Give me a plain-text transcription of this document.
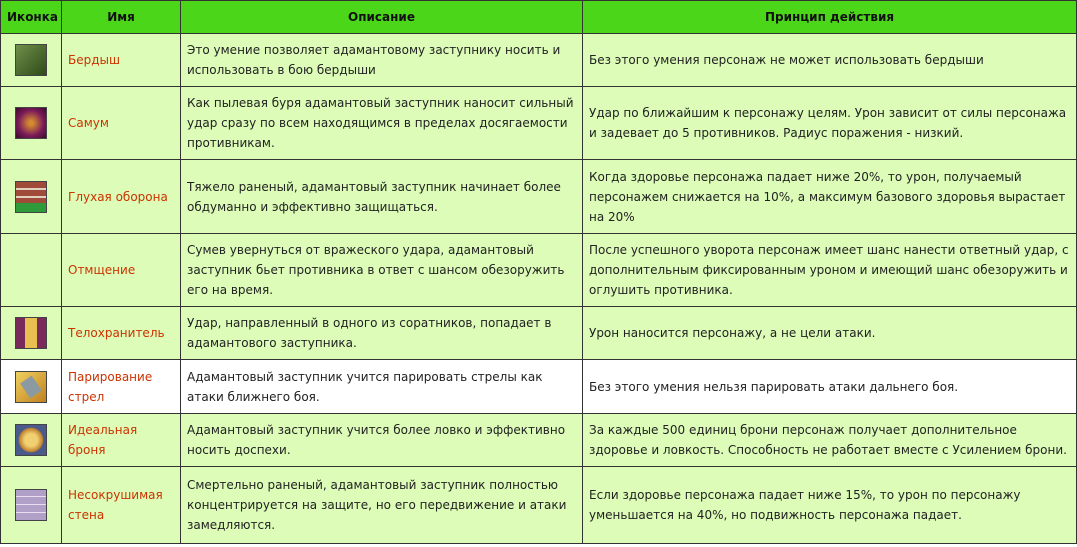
Иконка	Имя	Описание	Принцип действия
	Бердыш	Это умение позволяет адамантовому заступнику носить и использовать в бою бердыши	Без этого умения персонаж не может использовать бердыши
	Самум	Как пылевая буря адамантовый заступник наносит сильный удар сразу по всем находящимся в пределах досягаемости противникам.	Удар по ближайшим к персонажу целям. Урон зависит от силы персонажа и задевает до 5 противников. Радиус поражения - низкий.
	Глухая оборона	Тяжело раненый, адамантовый заступник начинает более обдуманно и эффективно защищаться.	Когда здоровье персонажа падает ниже 20%, то урон, получаемый персонажем снижается на 10%, а максимум базового здоровья вырастает на 20%
	Отмщение	Сумев увернуться от вражеского удара, адамантовый заступник бьет противника в ответ с шансом обезоружить его на время.	После успешного уворота персонаж имеет шанс нанести ответный удар, с дополнительным фиксированным уроном и имеющий шанс обезоружить и оглушить противника.
	Телохранитель	Удар, направленный в одного из соратников, попадает в адамантового заступника.	Урон наносится персонажу, а не цели атаки.
	Парирование стрел	Адамантовый заступник учится парировать стрелы как атаки ближнего боя.	Без этого умения нельзя парировать атаки дальнего боя.
	Идеальная броня	Адамантовый заступник учится более ловко и эффективно носить доспехи.	За каждые 500 единиц брони персонаж получает дополнительное здоровье и ловкость. Способность не работает вместе с Усилением брони.
	Несокрушимая стена	Смертельно раненый, адамантовый заступник полностью концентрируется на защите, но его передвижение и атаки замедляются.	Если здоровье персонажа падает ниже 15%, то урон по персонажу уменьшается на 40%, но подвижность персонажа падает.
